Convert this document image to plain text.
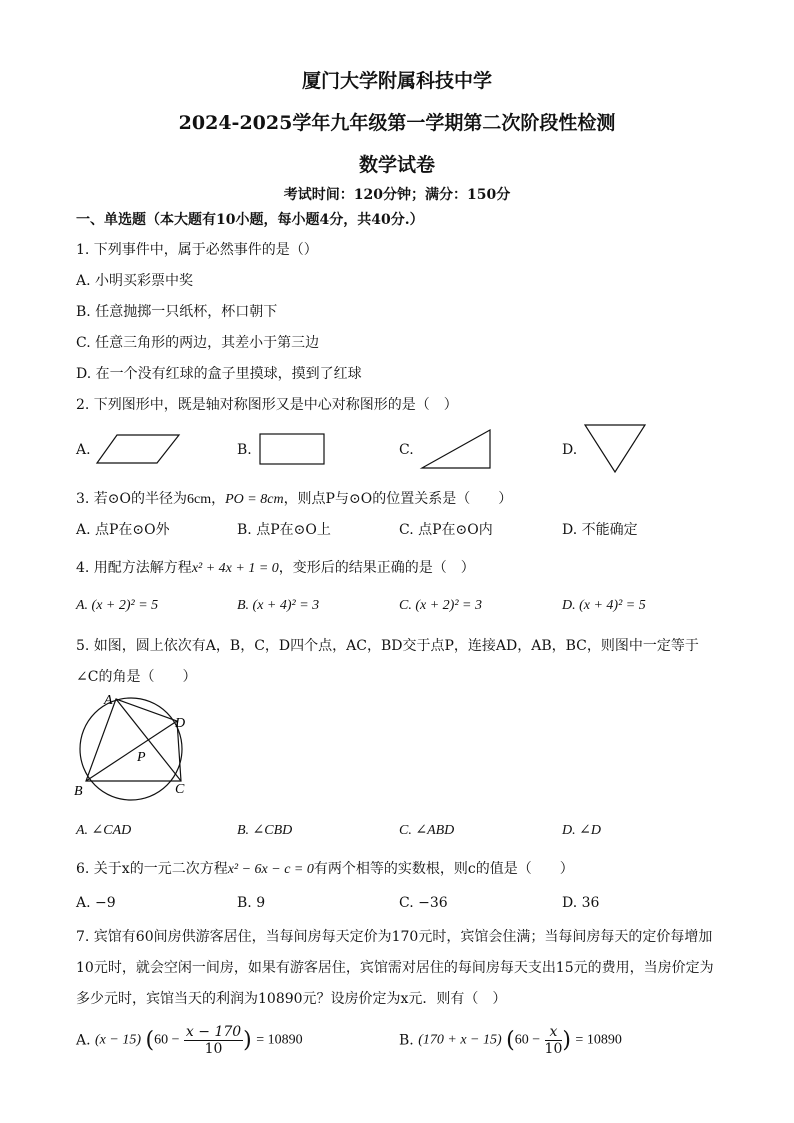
厦门大学附属科技中学
2024-2025学年九年级第一学期第二次阶段性检测
数学试卷
考试时间：120分钟；满分：150分
一、单选题（本大题有10小题，每小题4分，共40分.）
1. 下列事件中，属于必然事件的是（）
A. 小明买彩票中奖
B. 任意抛掷一只纸杯，杯口朝下
C. 任意三角形的两边，其差小于第三边
D. 在一个没有红球的盒子里摸球，摸到了红球
2. 下列图形中，既是轴对称图形又是中心对称图形的是（　）
A.	B.	C.	D.
3. 若⊙O的半径为6cm，PO = 8cm，则点P与⊙O的位置关系是（　　）
A. 点P在⊙O外	B. 点P在⊙O上	C. 点P在⊙O内	D. 不能确定
4. 用配方法解方程x² + 4x + 1 = 0，变形后的结果正确的是（　）
A. (x + 2)² = 5	B. (x + 4)² = 3	C. (x + 2)² = 3	D. (x + 4)² = 5
5. 如图，圆上依次有A，B，C，D四个点，AC，BD交于点P，连接AD，AB，BC，则图中一定等于
∠C的角是（　　）
A
D
P
B	C
A. ∠CAD	B. ∠CBD	C. ∠ABD	D. ∠D
6. 关于x的一元二次方程x² − 6x − c = 0有两个相等的实数根，则c的值是（　　）
A. −9	B. 9	C. −36	D. 36
7. 宾馆有60间房供游客居住，当每间房每天定价为170元时，宾馆会住满；当每间房每天的定价每增加
10元时，就会空闲一间房，如果有游客居住，宾馆需对居住的每间房每天支出15元的费用，当房价定为
多少元时，宾馆当天的利润为10890元？设房价定为x元．则有（　）
A. (x − 15) ($60 - \frac{x - 170}{10}$ ) = 10890	B. (170 + x − 15) ($60 - \frac{x}{10}$ ) = 10890
